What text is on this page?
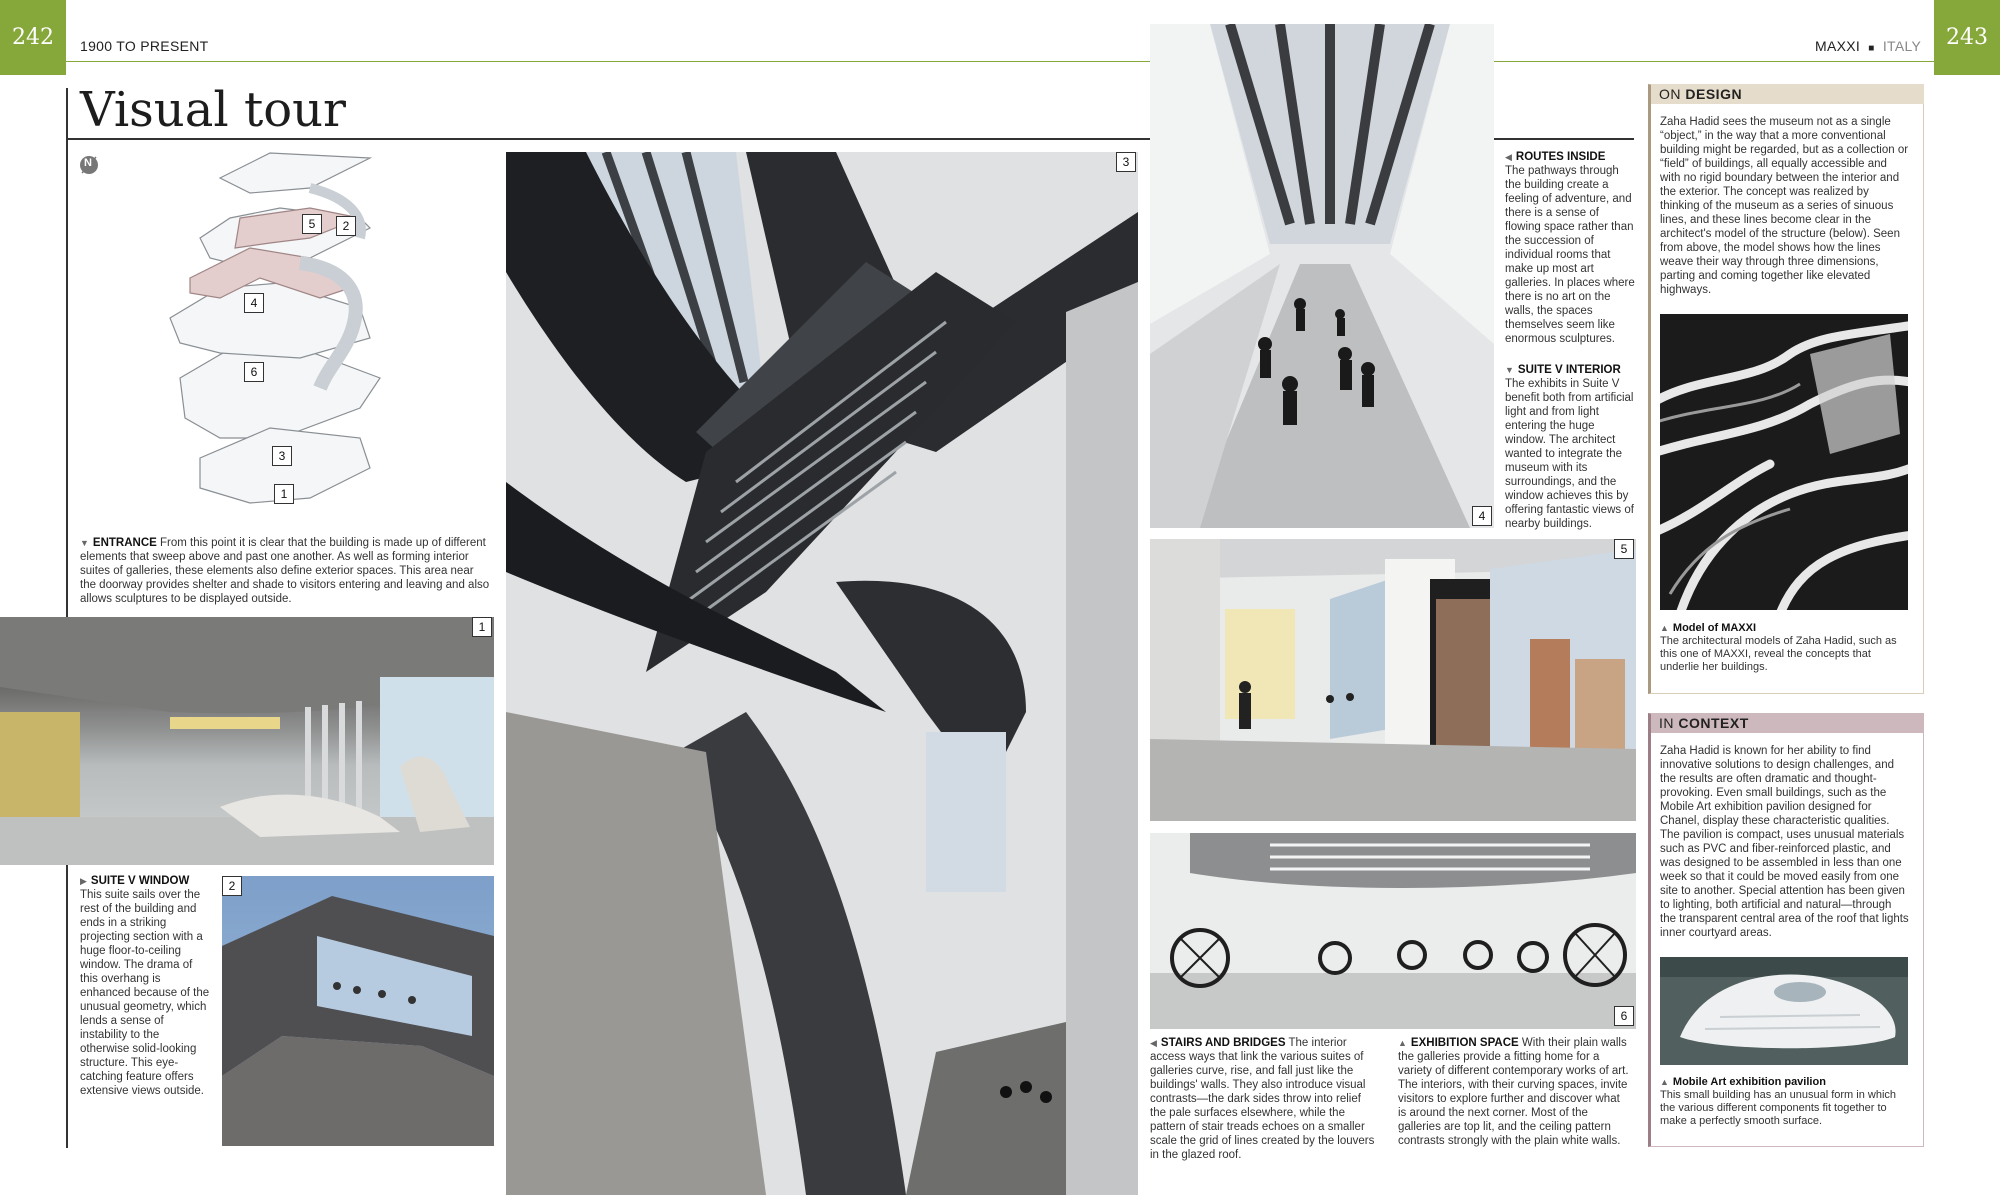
242	1900 TO PRESENT
Visual tour
N
5	2
4
6
3
1
▼ ENTRANCE From this point it is clear that the building is made up of different elements that sweep above and past one another. As well as forming interior suites of galleries, these elements also define exterior spaces. This area near the doorway provides shelter and shade to visitors entering and leaving and also allows sculptures to be displayed outside.
1
▶ SUITE V WINDOW
This suite sails over the rest of the building and ends in a striking projecting section with a huge floor-to-ceiling window. The drama of this overhang is enhanced because of the unusual geometry, which lends a sense of instability to the otherwise solid-looking structure. This eye-catching feature offers extensive views outside.
2
3
MAXXI ■ ITALY	243
4
◀ ROUTES INSIDE
The pathways through the building create a feeling of adventure, and there is a sense of flowing space rather than the succession of individual rooms that make up most art galleries. In places where there is no art on the walls, the spaces themselves seem like enormous sculptures.
▼ SUITE V INTERIOR
The exhibits in Suite V benefit both from artificial light and from light entering the huge window. The architect wanted to integrate the museum with its surroundings, and the window achieves this by offering fantastic views of nearby buildings.
5
6
◀ STAIRS AND BRIDGES The interior access ways that link the various suites of galleries curve, rise, and fall just like the buildings' walls. They also introduce visual contrasts—the dark sides throw into relief the pale surfaces elsewhere, while the pattern of stair treads echoes on a smaller scale the grid of lines created by the louvers in the glazed roof.
▲ EXHIBITION SPACE With their plain walls the galleries provide a fitting home for a variety of different contemporary works of art. The interiors, with their curving spaces, invite visitors to explore further and discover what is around the next corner. Most of the galleries are top lit, and the ceiling pattern contrasts strongly with the plain white walls.
ON DESIGN
Zaha Hadid sees the museum not as a single “object,” in the way that a more conventional building might be regarded, but as a collection or “field” of buildings, all equally accessible and with no rigid boundary between the interior and the exterior. The concept was realized by thinking of the museum as a series of sinuous lines, and these lines become clear in the architect's model of the structure (below). Seen from above, the model shows how the lines weave their way through three dimensions, parting and coming together like elevated highways.
▲ Model of MAXXI
The architectural models of Zaha Hadid, such as this one of MAXXI, reveal the concepts that underlie her buildings.
IN CONTEXT
Zaha Hadid is known for her ability to find innovative solutions to design challenges, and the results are often dramatic and thought-provoking. Even small buildings, such as the Mobile Art exhibition pavilion designed for Chanel, display these characteristic qualities. The pavilion is compact, uses unusual materials such as PVC and fiber-reinforced plastic, and was designed to be assembled in less than one week so that it could be moved easily from one site to another. Special attention has been given to lighting, both artificial and natural—through the transparent central area of the roof that lights inner courtyard areas.
▲ Mobile Art exhibition pavilion
This small building has an unusual form in which the various different components fit together to make a perfectly smooth surface.
